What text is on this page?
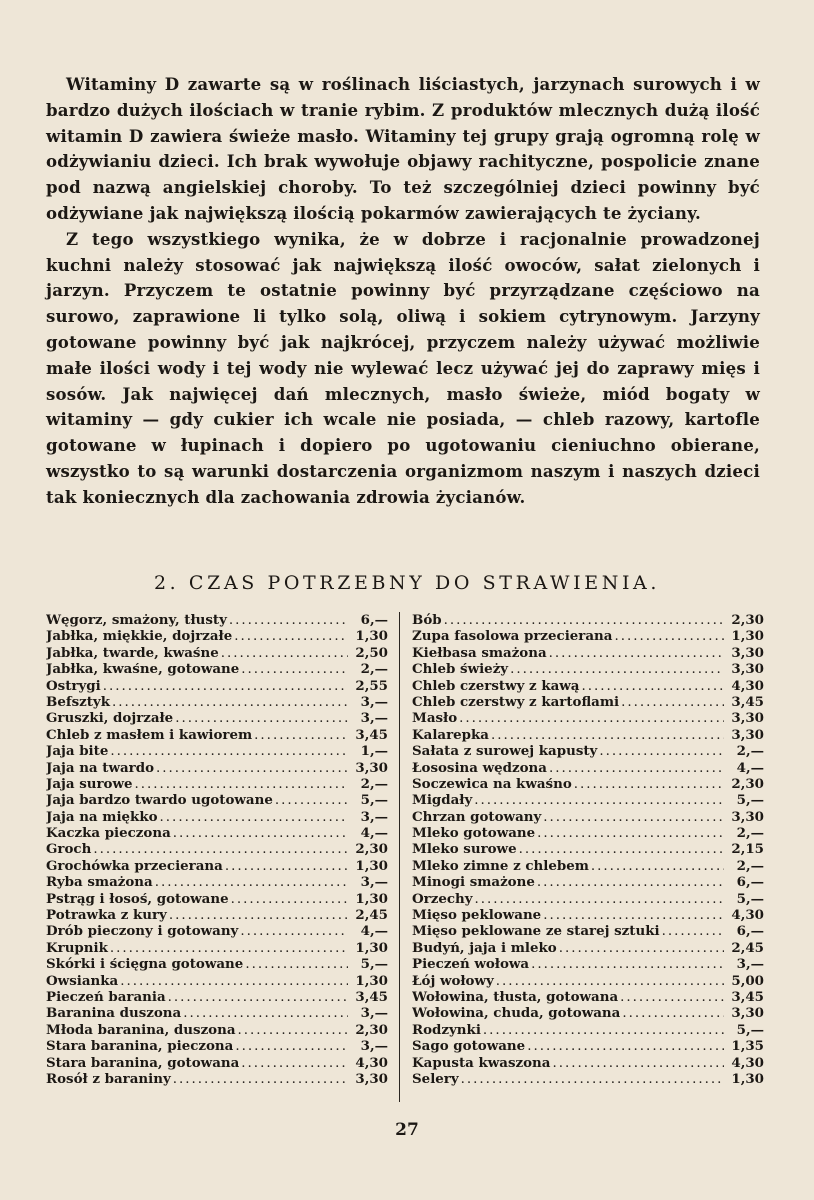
Witaminy D zawarte są w roślinach liściastych, jarzynach surowych i w bardzo dużych ilościach w tranie rybim. Z produktów mlecznych dużą ilość witamin D zawiera świeże masło. Witaminy tej grupy grają ogromną rolę w odżywianiu dzieci. Ich brak wywołuje objawy rachityczne, pospolicie znane pod nazwą angielskiej choroby. To też szczególniej dzieci powinny być odżywiane jak największą ilością pokarmów zawierających te życiany.

Z tego wszystkiego wynika, że w dobrze i racjonalnie prowadzonej kuchni należy stosować jak największą ilość owoców, sałat zielonych i jarzyn. Przyczem te ostatnie powinny być przyrządzane częściowo na surowo, zaprawione li tylko solą, oliwą i sokiem cytrynowym. Jarzyny gotowane powinny być jak najkrócej, przyczem należy używać możliwie małe ilości wody i tej wody nie wylewać lecz używać jej do zaprawy mięs i sosów. Jak najwięcej dań mlecznych, masło świeże, miód bogaty w witaminy — gdy cukier ich wcale nie posiada, — chleb razowy, kartofle gotowane w łupinach i dopiero po ugotowaniu cieniuchno obierane, wszystko to są warunki dostarczenia organizmom naszym i naszych dzieci tak koniecznych dla zachowania zdrowia życianów.

2. CZAS POTRZEBNY DO STRAWIENIA.
Węgorz, smażony, tłusty .....	6,—
Jabłka, miękkie, dojrzałe .....	1,30
Jabłka, twarde, kwaśne .....	2,50
Jabłka, kwaśne, gotowane .....	2,—
Ostrygi .....	2,55
Befsztyk .....	3,—
Gruszki, dojrzałe .....	3,—
Chleb z masłem i kawiorem .....	3,45
Jaja bite .....	1,—
Jaja na twardo .....	3,30
Jaja surowe .....	2,—
Jaja bardzo twardo ugotowane .....	5,—
Jaja na miękko .....	3,—
Kaczka pieczona .....	4,—
Groch .....	2,30
Grochówka przecierana .....	1,30
Ryba smażona .....	3,—
Pstrąg i łosoś, gotowane .....	1,30
Potrawka z kury .....	2,45
Drób pieczony i gotowany .....	4,—
Krupnik .....	1,30
Skórki i ścięgna gotowane .....	5,—
Owsianka .....	1,30
Pieczeń barania .....	3,45
Baranina duszona .....	3,—
Młoda baranina, duszona .....	2,30
Stara baranina, pieczona .....	3,—
Stara baranina, gotowana .....	4,30
Rosół z baraniny .....	3,30
Bób .....	2,30
Zupa fasolowa przecierana .....	1,30
Kiełbasa smażona .....	3,30
Chleb świeży .....	3,30
Chleb czerstwy z kawą .....	4,30
Chleb czerstwy z kartoflami .....	3,45
Masło .....	3,30
Kalarepka .....	3,30
Sałata z surowej kapusty .....	2,—
Łososina wędzona .....	4,—
Soczewica na kwaśno .....	2,30
Migdały .....	5,—
Chrzan gotowany .....	3,30
Mleko gotowane .....	2,—
Mleko surowe .....	2,15
Mleko zimne z chlebem .....	2,—
Minogi smażone .....	6,—
Orzechy .....	5,—
Mięso peklowane .....	4,30
Mięso peklowane ze starej sztuki .....	6,—
Budyń, jaja i mleko .....	2,45
Pieczeń wołowa .....	3,—
Łój wołowy .....	5,00
Wołowina, tłusta, gotowana .....	3,45
Wołowina, chuda, gotowana .....	3,30
Rodzynki .....	5,—
Sago gotowane .....	1,35
Kapusta kwaszona .....	4,30
Selery .....	1,30
27
